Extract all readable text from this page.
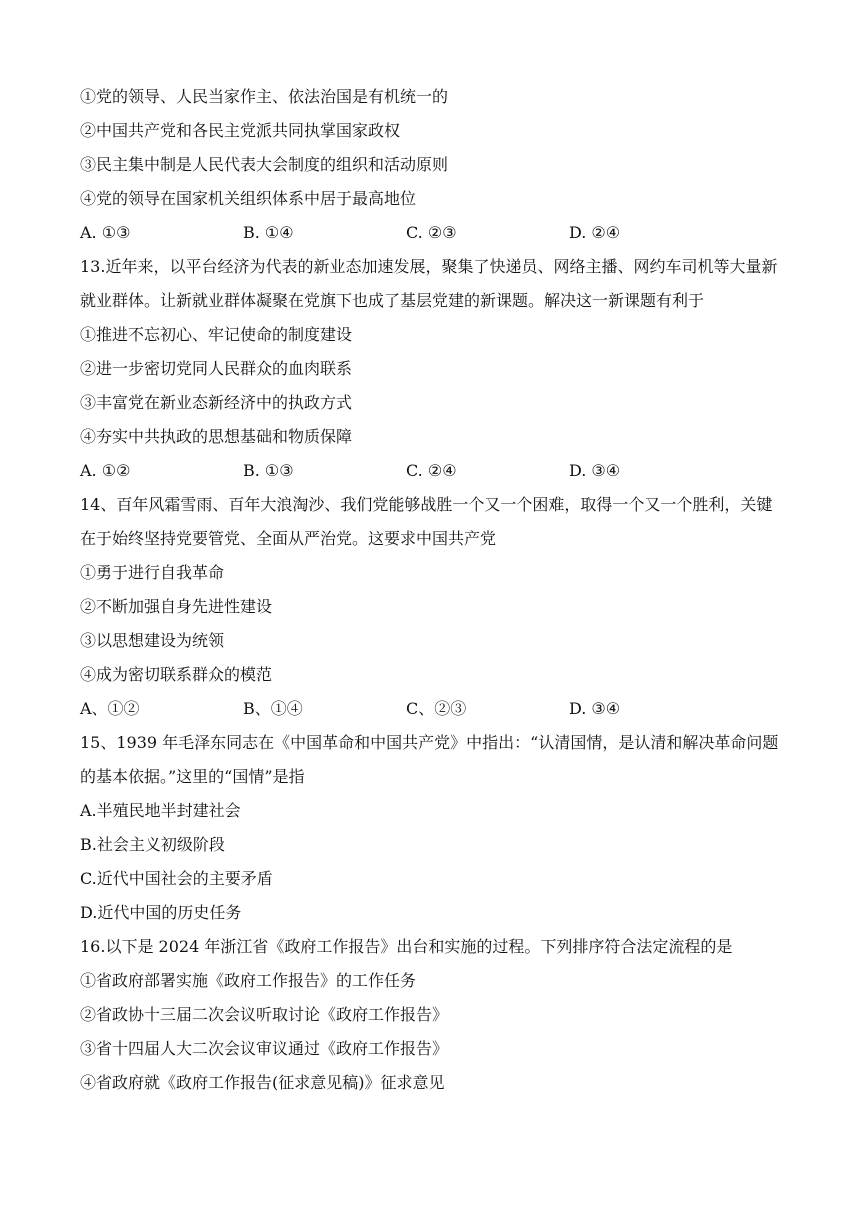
①党的领导、人民当家作主、依法治国是有机统一的
②中国共产党和各民主党派共同执掌国家政权
③民主集中制是人民代表大会制度的组织和活动原则
④党的领导在国家机关组织体系中居于最高地位
A. ①③	B. ①④	C. ②③	D. ②④
13.近年来，以平台经济为代表的新业态加速发展，聚集了快递员、网络主播、网约车司机等大量新就业群体。让新就业群体凝聚在党旗下也成了基层党建的新课题。解决这一新课题有利于
①推进不忘初心、牢记使命的制度建设
②进一步密切党同人民群众的血肉联系
③丰富党在新业态新经济中的执政方式
④夯实中共执政的思想基础和物质保障
A. ①②	B. ①③	C. ②④	D. ③④
14、百年风霜雪雨、百年大浪淘沙、我们党能够战胜一个又一个困难，取得一个又一个胜利，关键在于始终坚持党要管党、全面从严治党。这要求中国共产党
①勇于进行自我革命
②不断加强自身先进性建设
③以思想建设为统领
④成为密切联系群众的模范
A、①②	B、①④	C、②③	D. ③④
15、1939 年毛泽东同志在《中国革命和中国共产党》中指出：“认清国情，是认清和解决革命问题的基本依据。”这里的“国情”是指
A.半殖民地半封建社会
B.社会主义初级阶段
C.近代中国社会的主要矛盾
D.近代中国的历史任务
16.以下是 2024 年浙江省《政府工作报告》出台和实施的过程。下列排序符合法定流程的是
①省政府部署实施《政府工作报告》的工作任务
②省政协十三届二次会议听取讨论《政府工作报告》
③省十四届人大二次会议审议通过《政府工作报告》
④省政府就《政府工作报告(征求意见稿)》征求意见
